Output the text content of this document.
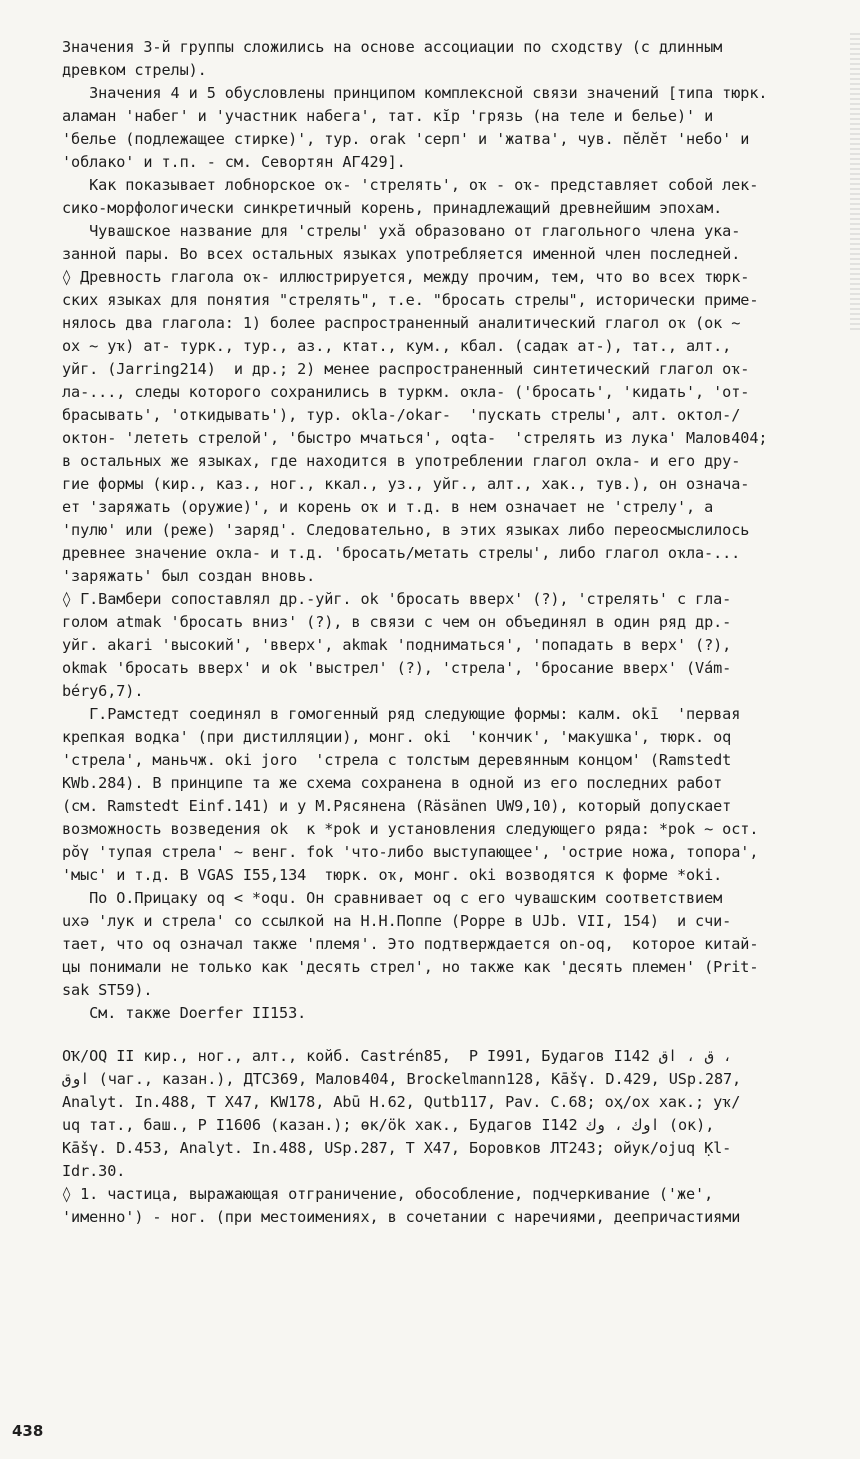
Значения 3-й группы сложились на основе ассоциации по сходству (с длинным
древком стрелы).
Значения 4 и 5 обусловлены принципом комплексной связи значений [типа тюрк.
аламан 'набег' и 'участник набега', тат. кĭр 'грязь (на теле и белье)' и
'белье (подлежащее стирке)', тур. orak 'серп' и 'жатва', чув. пĕлĕт 'небо' и
'облако' и т.п. - см. Севортян АГ429].
Как показывает лобнорское оҡ- 'стрелять', оҡ - оҡ- представляет собой лек-
сико-морфологически синкретичный корень, принадлежащий древнейшим эпохам.
Чувашское название для 'стрелы' ухă образовано от глагольного члена ука-
занной пары. Во всех остальных языках употребляется именной член последней.
◊ Древность глагола оҡ- иллюстрируется, между прочим, тем, что во всех тюрк-
ских языках для понятия "стрелять", т.е. "бросать стрелы", исторически приме-
нялось два глагола: 1) более распространенный аналитический глагол оҡ (ок ~
ох ~ уҡ) ат- турк., тур., аз., ктат., кум., кбал. (садаҡ ат-), тат., алт.,
уйг. (Jarring214)  и др.; 2) менее распространенный синтетический глагол оҡ-
ла-..., следы которого сохранились в туркм. оҡла- ('бросать', 'кидать', 'от-
брасывать', 'откидывать'), тур. okla-/okar-  'пускать стрелы', алт. октол-/
октон- 'лететь стрелой', 'быстро мчаться', oqta-  'стрелять из лука' Малов404;
в остальных же языках, где находится в употреблении глагол оҡла- и его дру-
гие формы (кир., каз., ног., ккал., уз., уйг., алт., хак., тув.), он означа-
ет 'заряжать (оружие)', и корень оҡ и т.д. в нем означает не 'стрелу', а
'пулю' или (реже) 'заряд'. Следовательно, в этих языках либо переосмыслилось
древнее значение оҡла- и т.д. 'бросать/метать стрелы', либо глагол оҡла-...
'заряжать' был создан вновь.
◊ Г.Вамбери сопоставлял др.-уйг. ok 'бросать вверх' (?), 'стрелять' с гла-
голом atmak 'бросать вниз' (?), в связи с чем он объединял в один ряд др.-
уйг. akari 'высокий', 'вверх', akmak 'подниматься', 'попадать в верх' (?),
okmak 'бросать вверх' и ok 'выстрел' (?), 'стрела', 'бросание вверх' (Vám-
béry6,7).
Г.Рамстедт соединял в гомогенный ряд следующие формы: калм. okī  'первая
крепкая водка' (при дистилляции), монг. oki  'кончик', 'макушка', тюрк. oq
'стрела', маньчж. oki joro  'стрела с толстым деревянным концом' (Ramstedt
KWb.284). В принципе та же схема сохранена в одной из его последних работ
(см. Ramstedt Einf.141) и у М.Рясянена (Räsänen UW9,10), который допускает
возможность возведения ok  к *pok и установления следующего ряда: *pok ~ ост.
pŏγ 'тупая стрела' ~ венг. fok 'что-либо выступающее', 'острие ножа, топора',
'мыс' и т.д. В VGAS I55,134  тюрк. оҡ, монг. oki возводятся к форме *oki.
По О.Прицаку oq < *oqu. Он сравнивает oq с его чувашским соответствием
uxə 'лук и стрела' со ссылкой на Н.Н.Поппе (Poppe в UJb. VII, 154)  и счи-
тает, что oq означал также 'племя'. Это подтверждается on-oq,  которое китай-
цы понимали не только как 'десять стрел', но также как 'десять племен' (Prit-
sak ST59).
См. также Doerfer II153.
ОҠ/OQ II кир., ног., алт., койб. Castrén85,  Р I991, Будагов I142 ق ، اق ،
اوق (чаг., казан.), ДТС369, Малов404, Brockelmann128, Kāšγ. D.429, USp.287,
Analyt. In.488, T X47, KW178, Abū H.62, Qutb117, Pav. C.68; оҳ/ox хак.; уҡ/
uq тат., баш., Р I1606 (казан.); өк/ök хак., Будагов I142 اوك ، وك (ок),
Kāšγ. D.453, Analyt. In.488, USp.287, T X47, Боровков ЛТ243; ойук/ojuq Ḳl-
Idr.30.
◊ 1. частица, выражающая отграничение, обособление, подчеркивание ('же',
'именно') - ног. (при местоимениях, в сочетании с наречиями, деепричастиями
438
